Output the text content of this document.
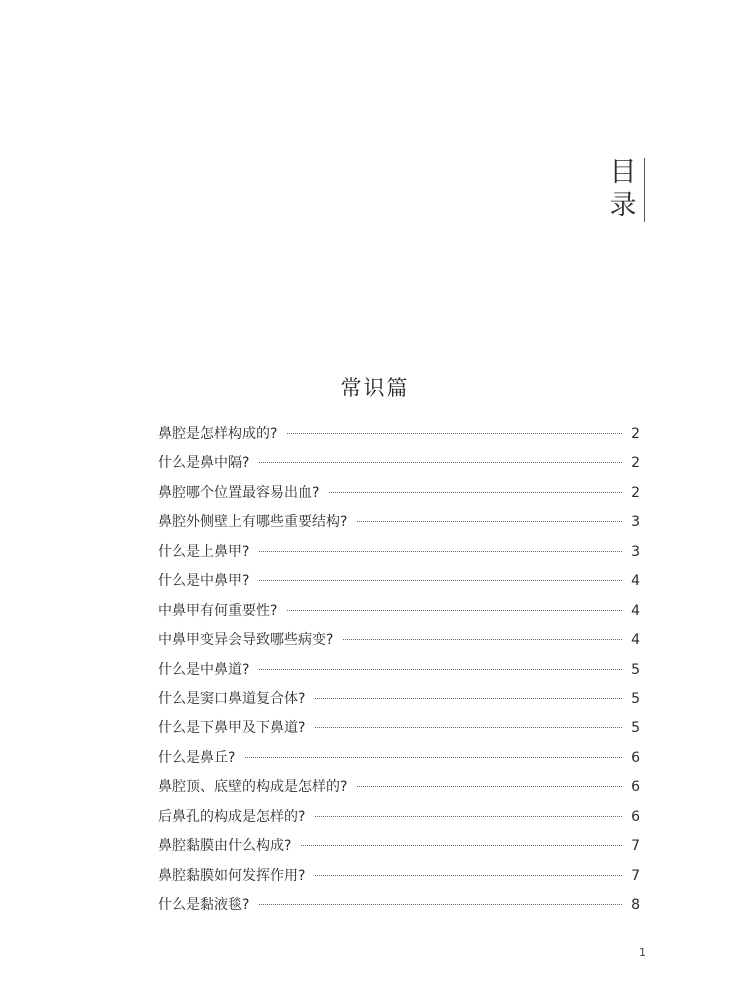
目
录
常识篇
鼻腔是怎样构成的?	2
什么是鼻中隔?	2
鼻腔哪个位置最容易出血?	2
鼻腔外侧壁上有哪些重要结构?	3
什么是上鼻甲?	3
什么是中鼻甲?	4
中鼻甲有何重要性?	4
中鼻甲变异会导致哪些病变?	4
什么是中鼻道?	5
什么是窦口鼻道复合体?	5
什么是下鼻甲及下鼻道?	5
什么是鼻丘?	6
鼻腔顶、底壁的构成是怎样的?	6
后鼻孔的构成是怎样的?	6
鼻腔黏膜由什么构成?	7
鼻腔黏膜如何发挥作用?	7
什么是黏液毯?	8
1
